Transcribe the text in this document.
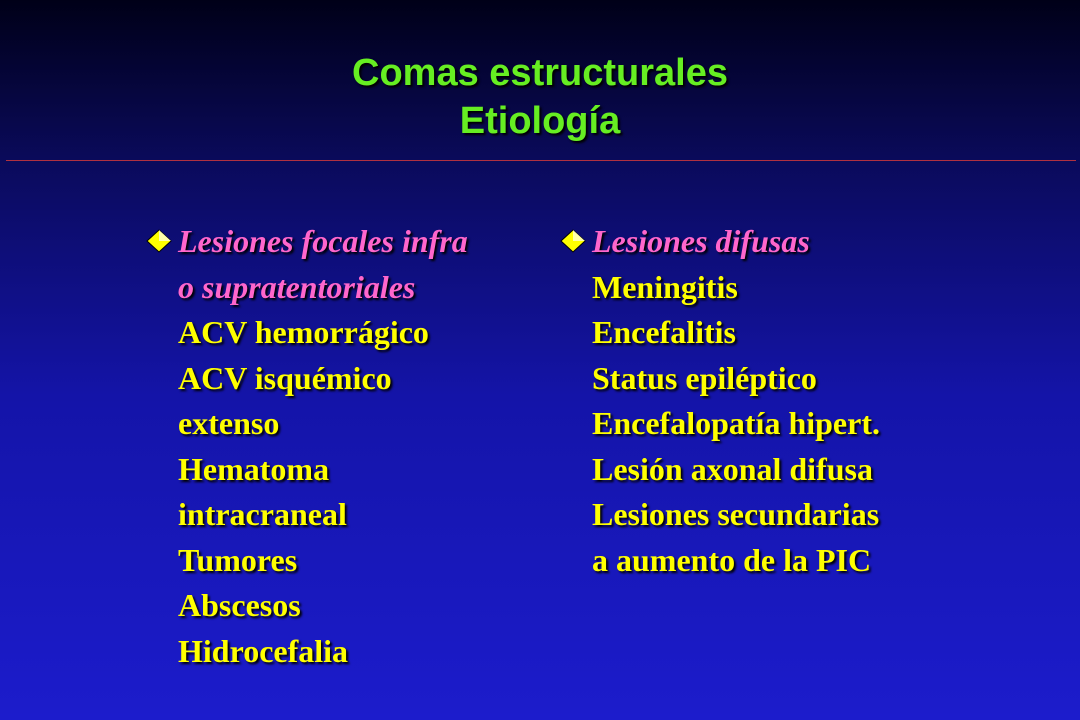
Comas estructurales
Etiología
Lesiones focales infra
o supratentoriales
ACV hemorrágico
ACV isquémico
extenso
Hematoma
intracraneal
Tumores
Abscesos
Hidrocefalia
Lesiones difusas
Meningitis
Encefalitis
Status epiléptico
Encefalopatía hipert.
Lesión axonal difusa
Lesiones secundarias
a aumento de la PIC
